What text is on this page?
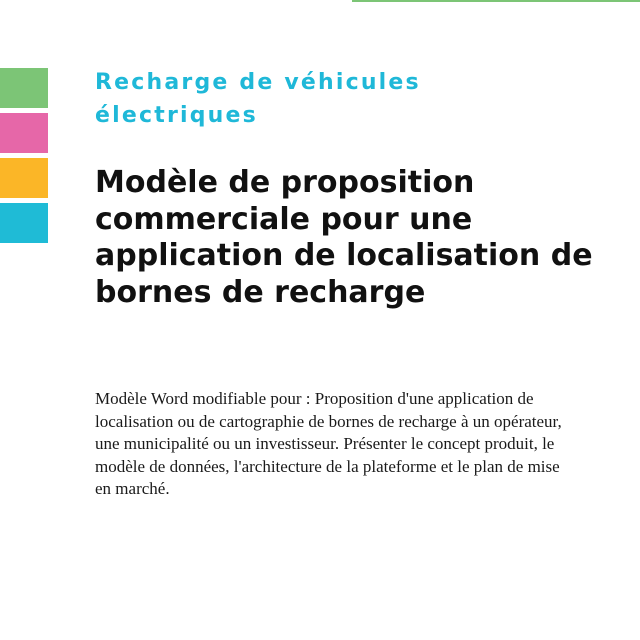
Recharge de véhicules électriques
Modèle de proposition commerciale pour une application de localisation de bornes de recharge

Modèle Word modifiable pour : Proposition d'une application de localisation ou de cartographie de bornes de recharge à un opérateur, une municipalité ou un investisseur. Présenter le concept produit, le modèle de données, l'architecture de la plateforme et le plan de mise en marché.
